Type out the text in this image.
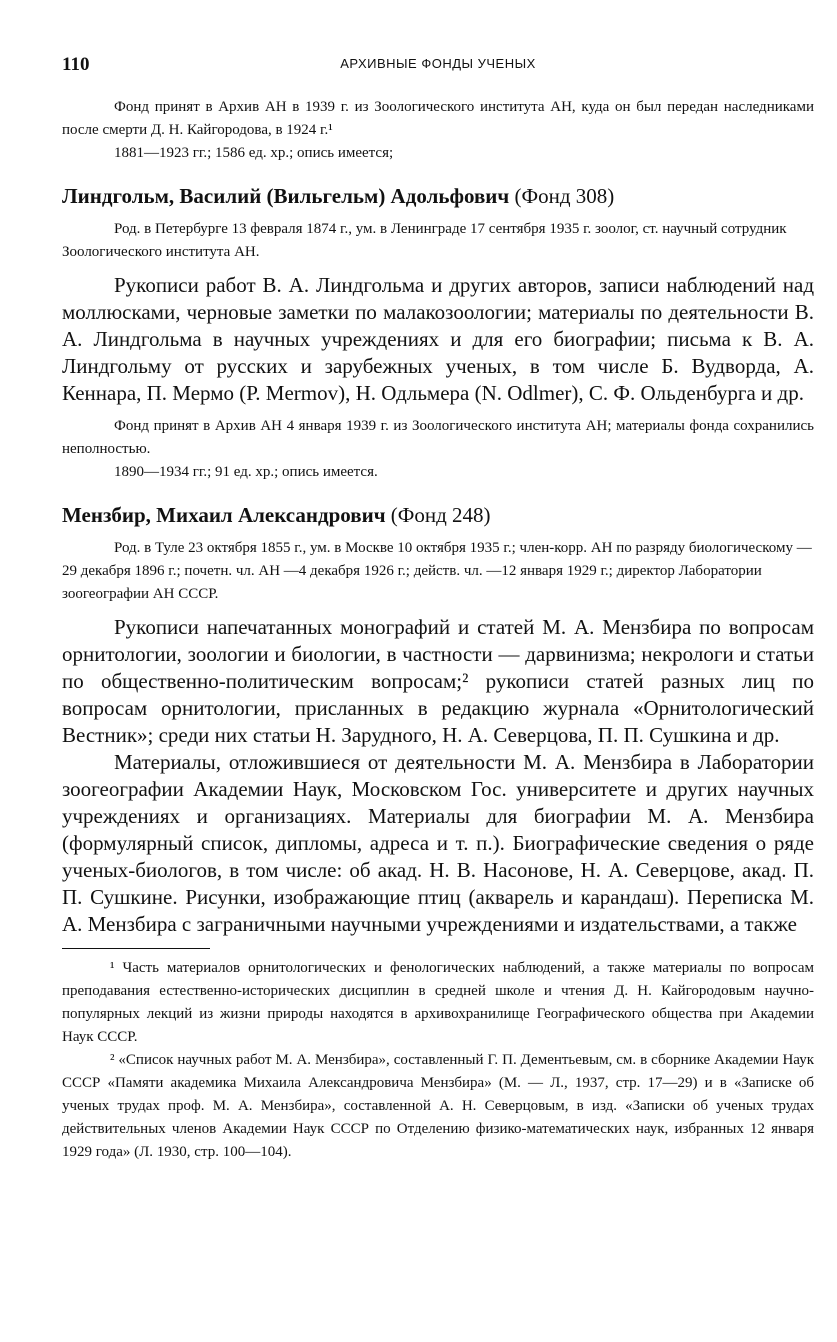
110	АРХИВНЫЕ ФОНДЫ УЧЕНЫХ

Фонд принят в Архив АН в 1939 г. из Зоологического института АН, куда он был передан наследниками после смерти Д. Н. Кайгородова, в 1924 г.¹

1881—1923 гг.; 1586 ед. хр.; опись имеется;

Линдгольм, Василий (Вильгельм) Адольфович (Фонд 308)

Род. в Петербурге 13 февраля 1874 г., ум. в Ленинграде 17 сентября 1935 г. зоолог, ст. научный сотрудник Зоологического института АН.

Рукописи работ В. А. Линдгольма и других авторов, записи наблюдений над моллюсками, черновые заметки по малакозоологии; материалы по деятельности В. А. Линдгольма в научных учреждениях и для его биографии; письма к В. А. Линдгольму от русских и зарубежных ученых, в том числе Б. Вудворда, А. Кеннара, П. Мермо (Р. Mermov), Н. Одльмера (N. Odlmer), С. Ф. Ольденбурга и др.

Фонд принят в Архив АН 4 января 1939 г. из Зоологического института АН; материалы фонда сохранились неполностью.

1890—1934 гг.; 91 ед. хр.; опись имеется.

Мензбир, Михаил Александрович (Фонд 248)

Род. в Туле 23 октября 1855 г., ум. в Москве 10 октября 1935 г.; член-корр. АН по разряду биологическому —29 декабря 1896 г.; почетн. чл. АН —4 декабря 1926 г.; действ. чл. —12 января 1929 г.; директор Лаборатории зоогеографии АН СССР.

Рукописи напечатанных монографий и статей М. А. Мензбира по вопросам орнитологии, зоологии и биологии, в частности — дарвинизма; некрологи и статьи по общественно-политическим вопросам;² рукописи статей разных лиц по вопросам орнитологии, присланных в редакцию журнала «Орнитологический Вестник»; среди них статьи Н. Зарудного, Н. А. Северцова, П. П. Сушкина и др.

Материалы, отложившиеся от деятельности М. А. Мензбира в Лаборатории зоогеографии Академии Наук, Московском Гос. университете и других научных учреждениях и организациях. Материалы для биографии М. А. Мензбира (формулярный список, дипломы, адреса и т. п.). Биографические сведения о ряде ученых-биологов, в том числе: об акад. Н. В. Насонове, Н. А. Северцове, акад. П. П. Сушкине. Рисунки, изображающие птиц (акварель и карандаш). Переписка М. А. Мензбира с заграничными научными учреждениями и издательствами, а также

¹ Часть материалов орнитологических и фенологических наблюдений, а также материалы по вопросам преподавания естественно-исторических дисциплин в средней школе и чтения Д. Н. Кайгородовым научно-популярных лекций из жизни природы находятся в архивохранилище Географического общества при Академии Наук СССР.

² «Список научных работ М. А. Мензбира», составленный Г. П. Дементьевым, см. в сборнике Академии Наук СССР «Памяти академика Михаила Александровича Мензбира» (М. — Л., 1937, стр. 17—29) и в «Записке об ученых трудах проф. М. А. Мензбира», составленной А. Н. Северцовым, в изд. «Записки об ученых трудах действительных членов Академии Наук СССР по Отделению физико-математических наук, избранных 12 января 1929 года» (Л. 1930, стр. 100—104).
